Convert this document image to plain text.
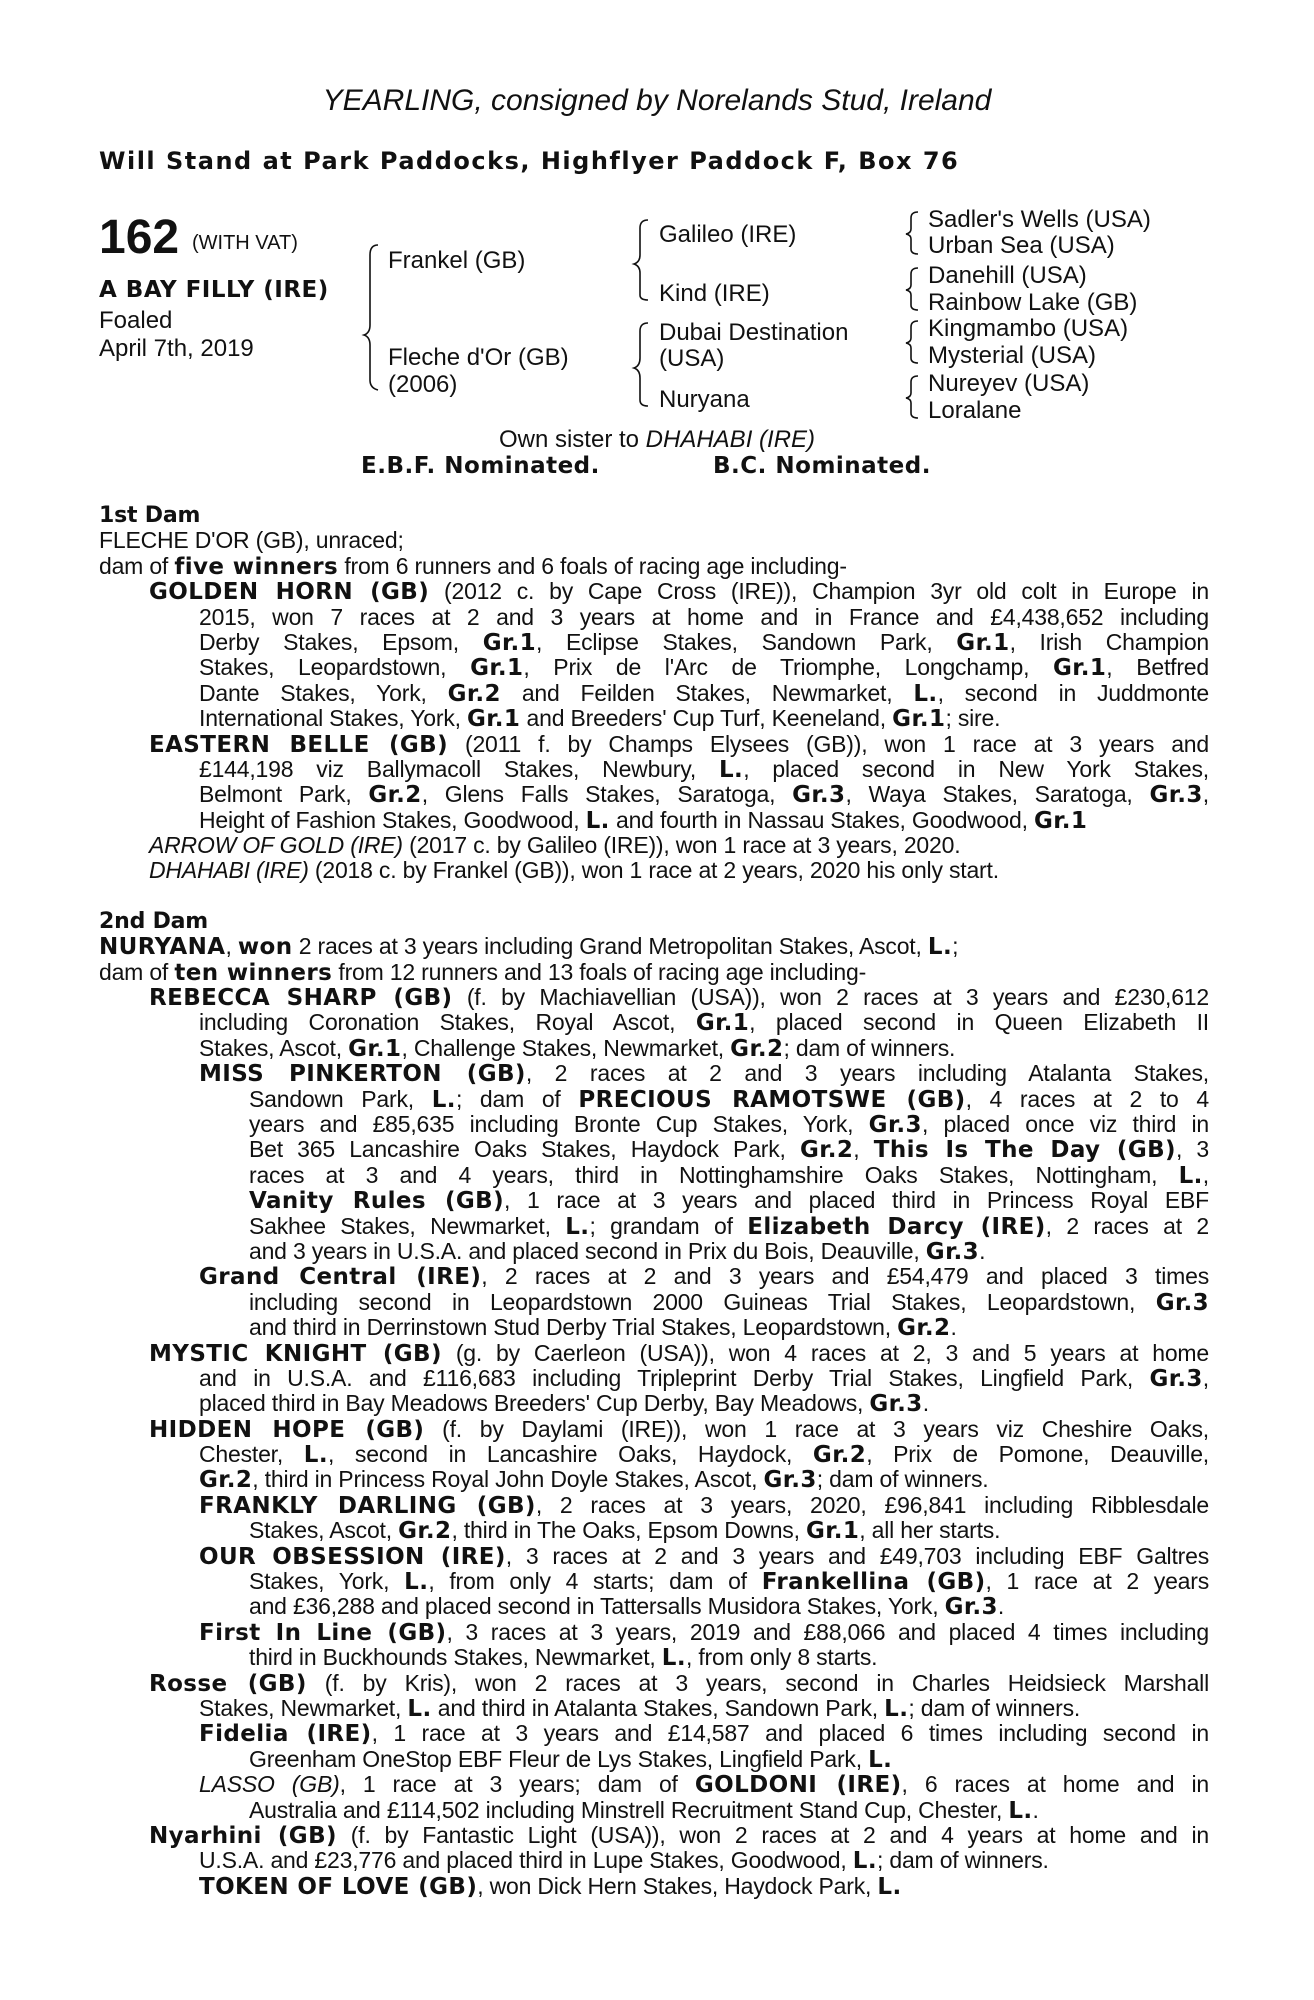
YEARLING, consigned by Norelands Stud, Ireland
Will Stand at Park Paddocks, Highflyer Paddock F, Box 76
162 (WITH VAT)
A BAY FILLY (IRE)
Foaled
April 7th, 2019
Frankel (GB)
Fleche d'Or (GB)
(2006)
Galileo (IRE)
Kind (IRE)
Dubai Destination
(USA)
Nuryana
Sadler's Wells (USA)
Urban Sea (USA)
Danehill (USA)
Rainbow Lake (GB)
Kingmambo (USA)
Mysterial (USA)
Nureyev (USA)
Loralane
Own sister to DHAHABI (IRE)
E.B.F. Nominated.	B.C. Nominated.
1st Dam
FLECHE D'OR (GB), unraced;
dam of five winners from 6 runners and 6 foals of racing age including-
GOLDEN HORN (GB) (2012 c. by Cape Cross (IRE)), Champion 3yr old colt in Europe in
2015, won 7 races at 2 and 3 years at home and in France and £4,438,652 including
Derby Stakes, Epsom, Gr.1, Eclipse Stakes, Sandown Park, Gr.1, Irish Champion
Stakes, Leopardstown, Gr.1, Prix de l'Arc de Triomphe, Longchamp, Gr.1, Betfred
Dante Stakes, York, Gr.2 and Feilden Stakes, Newmarket, L., second in Juddmonte
International Stakes, York, Gr.1 and Breeders' Cup Turf, Keeneland, Gr.1; sire.
EASTERN BELLE (GB) (2011 f. by Champs Elysees (GB)), won 1 race at 3 years and
£144,198 viz Ballymacoll Stakes, Newbury, L., placed second in New York Stakes,
Belmont Park, Gr.2, Glens Falls Stakes, Saratoga, Gr.3, Waya Stakes, Saratoga, Gr.3,
Height of Fashion Stakes, Goodwood, L. and fourth in Nassau Stakes, Goodwood, Gr.1
ARROW OF GOLD (IRE) (2017 c. by Galileo (IRE)), won 1 race at 3 years, 2020.
DHAHABI (IRE) (2018 c. by Frankel (GB)), won 1 race at 2 years, 2020 his only start.
2nd Dam
NURYANA, won 2 races at 3 years including Grand Metropolitan Stakes, Ascot, L.;
dam of ten winners from 12 runners and 13 foals of racing age including-
REBECCA SHARP (GB) (f. by Machiavellian (USA)), won 2 races at 3 years and £230,612
including Coronation Stakes, Royal Ascot, Gr.1, placed second in Queen Elizabeth II
Stakes, Ascot, Gr.1, Challenge Stakes, Newmarket, Gr.2; dam of winners.
MISS PINKERTON (GB), 2 races at 2 and 3 years including Atalanta Stakes,
Sandown Park, L.; dam of PRECIOUS RAMOTSWE (GB), 4 races at 2 to 4
years and £85,635 including Bronte Cup Stakes, York, Gr.3, placed once viz third in
Bet 365 Lancashire Oaks Stakes, Haydock Park, Gr.2, This Is The Day (GB), 3
races at 3 and 4 years, third in Nottinghamshire Oaks Stakes, Nottingham, L.,
Vanity Rules (GB), 1 race at 3 years and placed third in Princess Royal EBF
Sakhee Stakes, Newmarket, L.; grandam of Elizabeth Darcy (IRE), 2 races at 2
and 3 years in U.S.A. and placed second in Prix du Bois, Deauville, Gr.3.
Grand Central (IRE), 2 races at 2 and 3 years and £54,479 and placed 3 times
including second in Leopardstown 2000 Guineas Trial Stakes, Leopardstown, Gr.3
and third in Derrinstown Stud Derby Trial Stakes, Leopardstown, Gr.2.
MYSTIC KNIGHT (GB) (g. by Caerleon (USA)), won 4 races at 2, 3 and 5 years at home
and in U.S.A. and £116,683 including Tripleprint Derby Trial Stakes, Lingfield Park, Gr.3,
placed third in Bay Meadows Breeders' Cup Derby, Bay Meadows, Gr.3.
HIDDEN HOPE (GB) (f. by Daylami (IRE)), won 1 race at 3 years viz Cheshire Oaks,
Chester, L., second in Lancashire Oaks, Haydock, Gr.2, Prix de Pomone, Deauville,
Gr.2, third in Princess Royal John Doyle Stakes, Ascot, Gr.3; dam of winners.
FRANKLY DARLING (GB), 2 races at 3 years, 2020, £96,841 including Ribblesdale
Stakes, Ascot, Gr.2, third in The Oaks, Epsom Downs, Gr.1, all her starts.
OUR OBSESSION (IRE), 3 races at 2 and 3 years and £49,703 including EBF Galtres
Stakes, York, L., from only 4 starts; dam of Frankellina (GB), 1 race at 2 years
and £36,288 and placed second in Tattersalls Musidora Stakes, York, Gr.3.
First In Line (GB), 3 races at 3 years, 2019 and £88,066 and placed 4 times including
third in Buckhounds Stakes, Newmarket, L., from only 8 starts.
Rosse (GB) (f. by Kris), won 2 races at 3 years, second in Charles Heidsieck Marshall
Stakes, Newmarket, L. and third in Atalanta Stakes, Sandown Park, L.; dam of winners.
Fidelia (IRE), 1 race at 3 years and £14,587 and placed 6 times including second in
Greenham OneStop EBF Fleur de Lys Stakes, Lingfield Park, L.
LASSO (GB), 1 race at 3 years; dam of GOLDONI (IRE), 6 races at home and in
Australia and £114,502 including Minstrell Recruitment Stand Cup, Chester, L..
Nyarhini (GB) (f. by Fantastic Light (USA)), won 2 races at 2 and 4 years at home and in
U.S.A. and £23,776 and placed third in Lupe Stakes, Goodwood, L.; dam of winners.
TOKEN OF LOVE (GB), won Dick Hern Stakes, Haydock Park, L.
